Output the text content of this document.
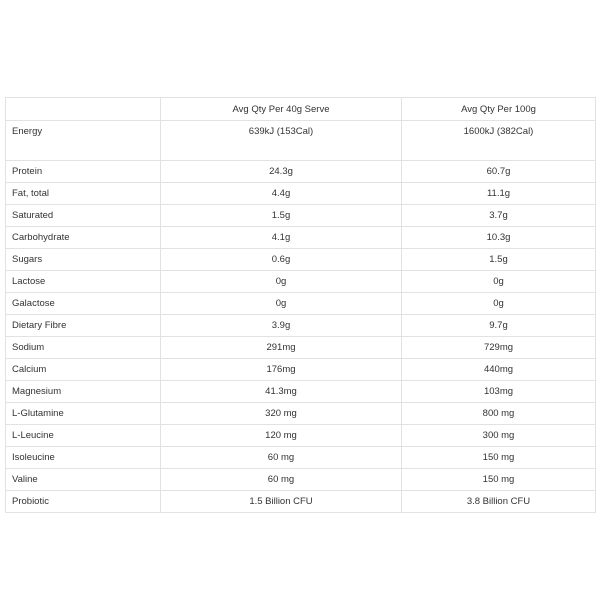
	Avg Qty Per 40g Serve	Avg Qty Per 100g
Energy	639kJ (153Cal)	1600kJ (382Cal)
Protein	24.3g	60.7g
Fat, total	4.4g	11.1g
Saturated	1.5g	3.7g
Carbohydrate	4.1g	10.3g
Sugars	0.6g	1.5g
Lactose	0g	0g
Galactose	0g	0g
Dietary Fibre	3.9g	9.7g
Sodium	291mg	729mg
Calcium	176mg	440mg
Magnesium	41.3mg	103mg
L-Glutamine	320 mg	800 mg
L-Leucine	120 mg	300 mg
Isoleucine	60 mg	150 mg
Valine	60 mg	150 mg
Probiotic	1.5 Billion CFU	3.8 Billion CFU
